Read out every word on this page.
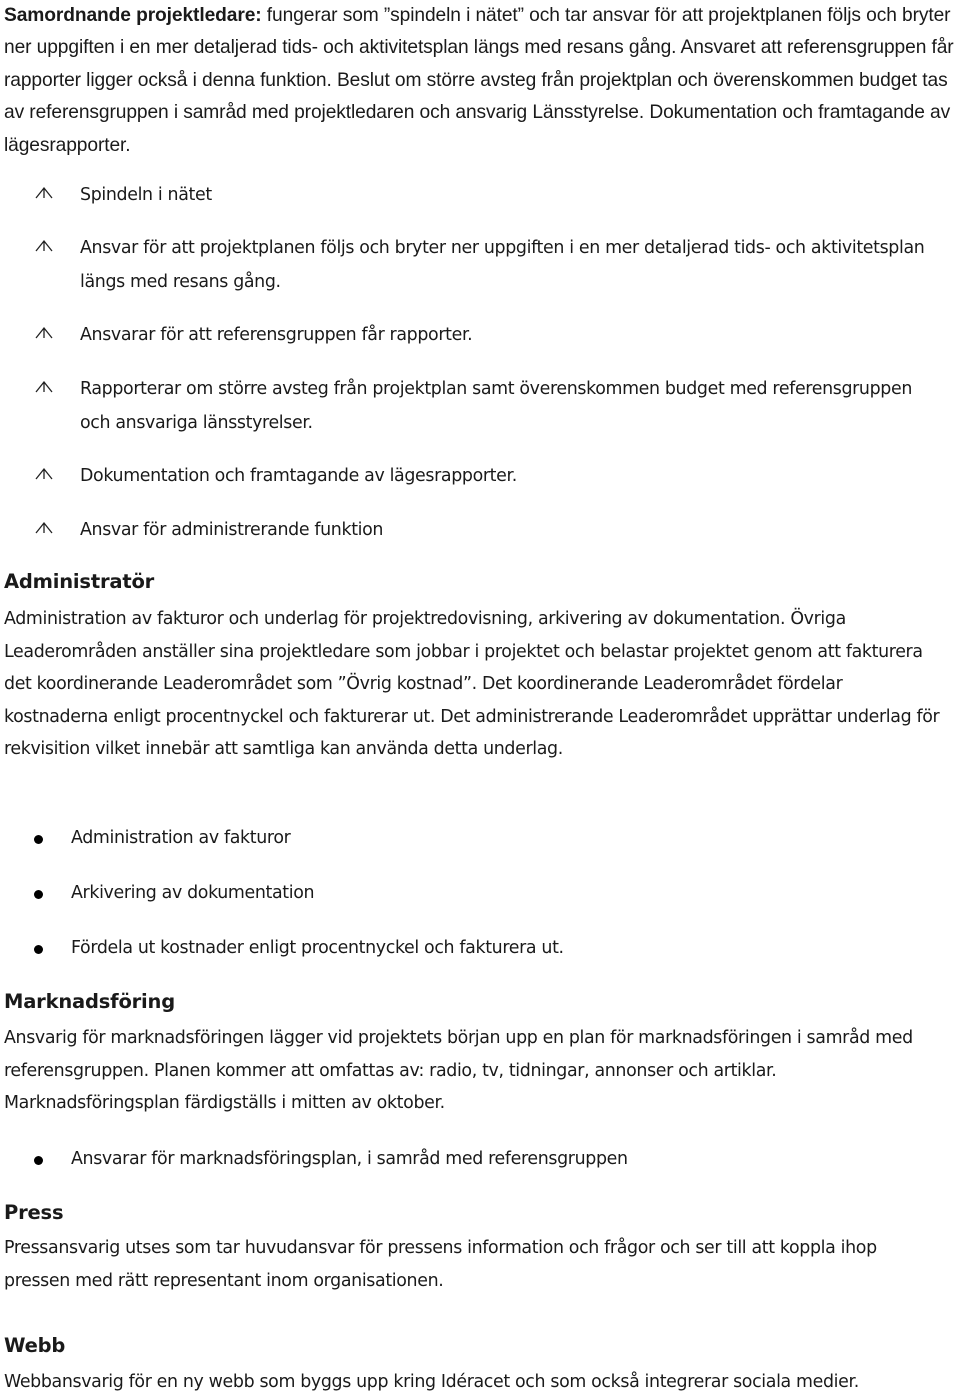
Samordnande projektledare: fungerar som ”spindeln i nätet” och tar ansvar för att projektplanen följs och bryter ner uppgiften i en mer detaljerad tids- och aktivitetsplan längs med resans gång. Ansvaret att referensgruppen får rapporter ligger också i denna funktion. Beslut om större avsteg från projektplan och överenskommen budget tas av referensgruppen i samråd med projektledaren och ansvarig Länsstyrelse. Dokumentation och framtagande av lägesrapporter.

Spindeln i nätet
Ansvar för att projektplanen följs och bryter ner uppgiften i en mer detaljerad tids- och aktivitetsplan längs med resans gång.
Ansvarar för att referensgruppen får rapporter.
Rapporterar om större avsteg från projektplan samt överenskommen budget med referensgruppen och ansvariga länsstyrelser.
Dokumentation och framtagande av lägesrapporter.
Ansvar för administrerande funktion
Administratör

Administration av fakturor och underlag för projektredovisning, arkivering av dokumentation. Övriga Leaderområden anställer sina projektledare som jobbar i projektet och belastar projektet genom att fakturera det koordinerande Leaderområdet som ”Övrig kostnad”. Det koordinerande Leaderområdet fördelar kostnaderna enligt procentnyckel och fakturerar ut. Det administrerande Leaderområdet upprättar underlag för rekvisition vilket innebär att samtliga kan använda detta underlag.

Administration av fakturor
Arkivering av dokumentation
Fördela ut kostnader enligt procentnyckel och fakturera ut.
Marknadsföring

Ansvarig för marknadsföringen lägger vid projektets början upp en plan för marknadsföringen i samråd med referensgruppen. Planen kommer att omfattas av: radio, tv, tidningar, annonser och artiklar. Marknadsföringsplan färdigställs i mitten av oktober.

Ansvarar för marknadsföringsplan, i samråd med referensgruppen
Press

Pressansvarig utses som tar huvudansvar för pressens information och frågor och ser till att koppla ihop pressen med rätt representant inom organisationen.

Webb

Webbansvarig för en ny webb som byggs upp kring Idéracet och som också integrerar sociala medier.
